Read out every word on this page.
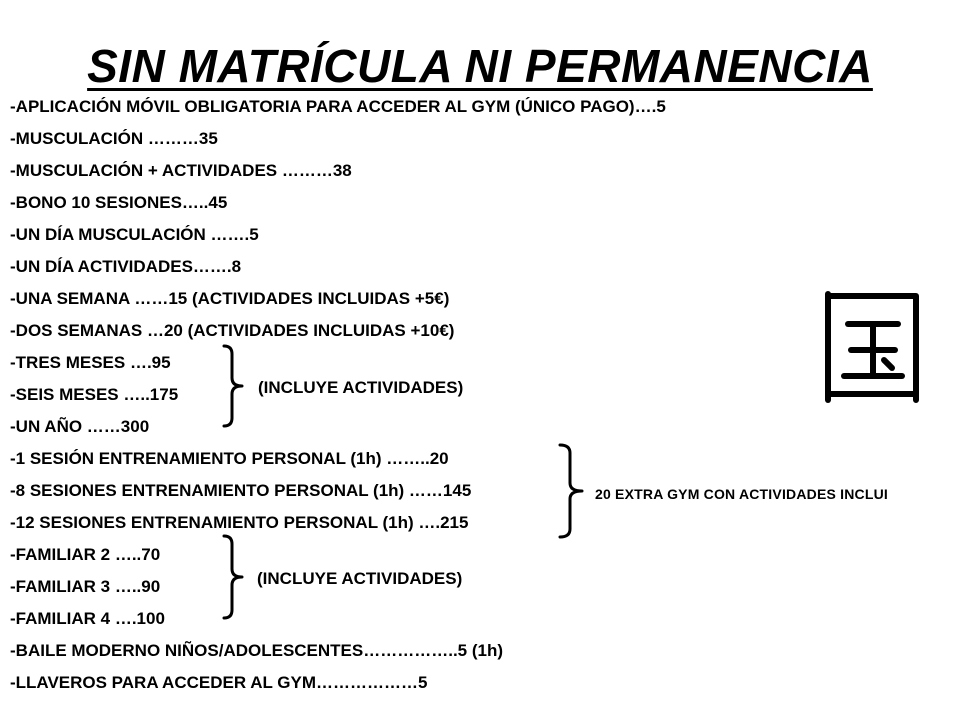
SIN MATRÍCULA NI PERMANENCIA
-APLICACIÓN MÓVIL OBLIGATORIA PARA ACCEDER AL GYM (ÚNICO PAGO)….5
-MUSCULACIÓN ………35
-MUSCULACIÓN + ACTIVIDADES ………38
-BONO 10 SESIONES…..45
-UN DÍA MUSCULACIÓN …….5
-UN DÍA ACTIVIDADES…….8
-UNA SEMANA ……15 (ACTIVIDADES INCLUIDAS +5€)
-DOS SEMANAS …20 (ACTIVIDADES INCLUIDAS +10€)
-TRES MESES ….95
-SEIS MESES …..175
-UN AÑO ……300
-1 SESIÓN ENTRENAMIENTO PERSONAL (1h) ……..20
-8 SESIONES ENTRENAMIENTO PERSONAL (1h) ……145
-12 SESIONES ENTRENAMIENTO PERSONAL (1h) ….215
-FAMILIAR 2 …..70
-FAMILIAR 3 …..90
-FAMILIAR 4 ….100
-BAILE MODERNO NIÑOS/ADOLESCENTES……………..5 (1h)
-LLAVEROS PARA ACCEDER AL GYM………………5
(INCLUYE ACTIVIDADES)
20 EXTRA GYM CON ACTIVIDADES INCLUI
(INCLUYE ACTIVIDADES)
